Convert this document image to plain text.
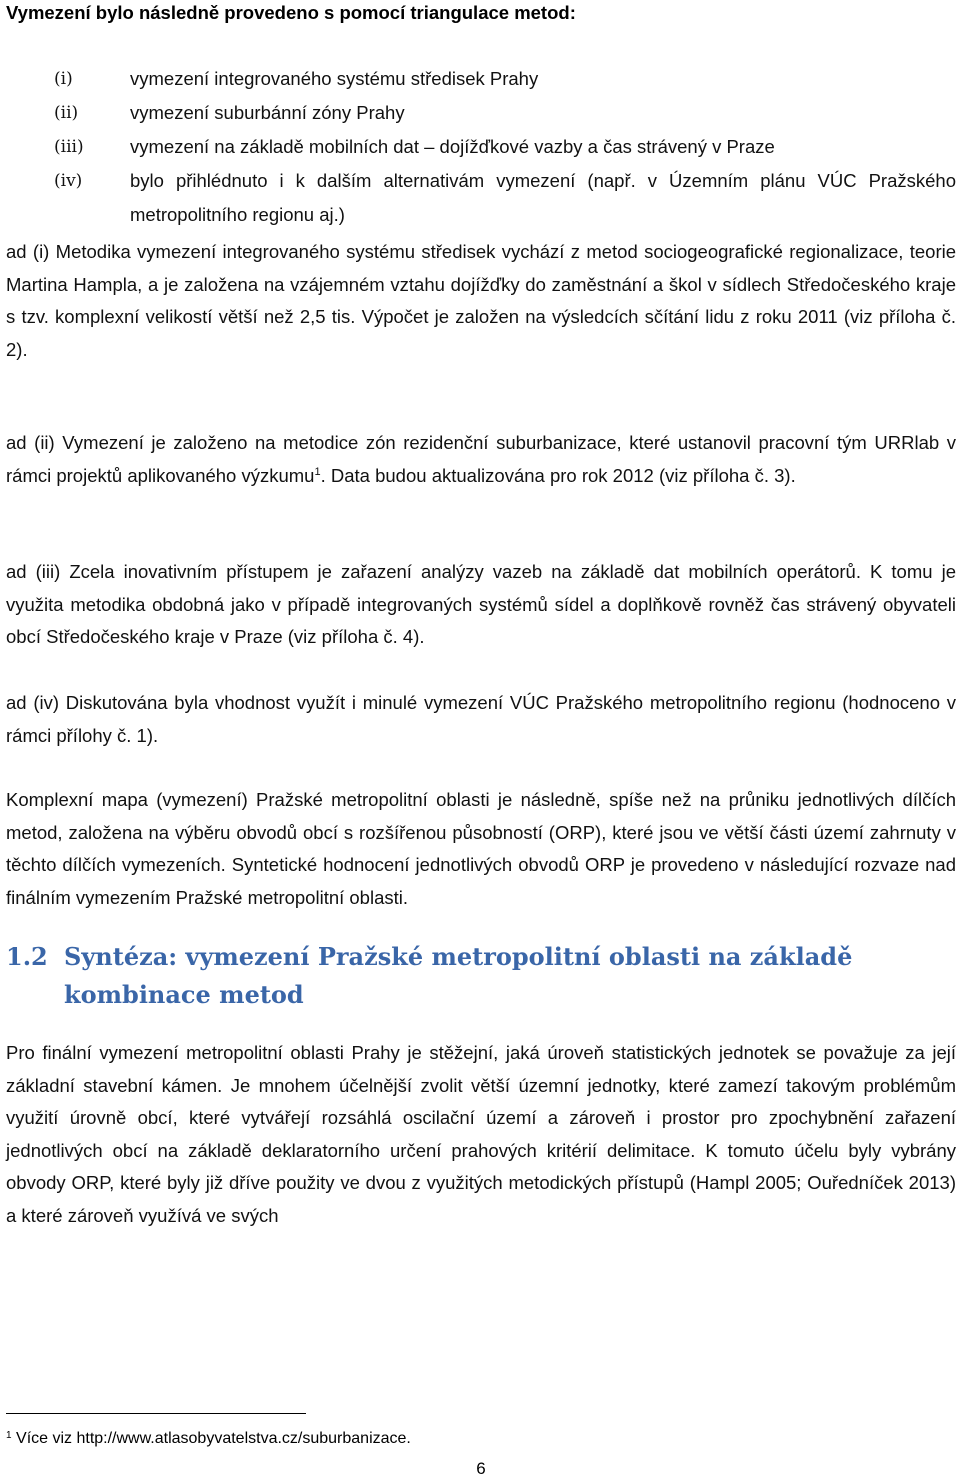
Vymezení bylo následně provedeno s pomocí triangulace metod:
(i)	vymezení integrovaného systému středisek Prahy
(ii)	vymezení suburbánní zóny Prahy
(iii)	vymezení na základě mobilních dat – dojížďkové vazby a čas strávený v Praze
(iv)	bylo přihlédnuto i k dalším alternativám vymezení (např. v Územním plánu VÚC Pražského metropolitního regionu aj.)

ad (i) Metodika vymezení integrovaného systému středisek vychází z metod sociogeografické regionalizace, teorie Martina Hampla, a je založena na vzájemném vztahu dojížďky do zaměstnání a škol v sídlech Středočeského kraje s tzv. komplexní velikostí větší než 2,5 tis. Výpočet je založen na výsledcích sčítání lidu z roku 2011 (viz příloha č. 2).

ad (ii) Vymezení je založeno na metodice zón rezidenční suburbanizace, které ustanovil pracovní tým URRlab v rámci projektů aplikovaného výzkumu$^1$. Data budou aktualizována pro rok 2012 (viz příloha č. 3).

ad (iii) Zcela inovativním přístupem je zařazení analýzy vazeb na základě dat mobilních operátorů. K tomu je využita metodika obdobná jako v případě integrovaných systémů sídel a doplňkově rovněž čas strávený obyvateli obcí Středočeského kraje v Praze (viz příloha č. 4).

ad (iv) Diskutována byla vhodnost využít i minulé vymezení VÚC Pražského metropolitního regionu (hodnoceno v rámci přílohy č. 1).

Komplexní mapa (vymezení) Pražské metropolitní oblasti je následně, spíše než na průniku jednotlivých dílčích metod, založena na výběru obvodů obcí s rozšířenou působností (ORP), které jsou ve větší části území zahrnuty v těchto dílčích vymezeních. Syntetické hodnocení jednotlivých obvodů ORP je provedeno v následující rozvaze nad finálním vymezením Pražské metropolitní oblasti.

1.2 Syntéza: vymezení Pražské metropolitní oblasti na základě kombinace metod

Pro finální vymezení metropolitní oblasti Prahy je stěžejní, jaká úroveň statistických jednotek se považuje za její základní stavební kámen. Je mnohem účelnější zvolit větší územní jednotky, které zamezí takovým problémům využití úrovně obcí, které vytvářejí rozsáhlá oscilační území a zároveň i prostor pro zpochybnění zařazení jednotlivých obcí na základě deklaratorního určení prahových kritérií delimitace. K tomuto účelu byly vybrány obvody ORP, které byly již dříve použity ve dvou z využitých metodických přístupů (Hampl 2005; Ouředníček 2013) a které zároveň využívá ve svých

$^1$ Více viz http://www.atlasobyvatelstva.cz/suburbanizace.
6
